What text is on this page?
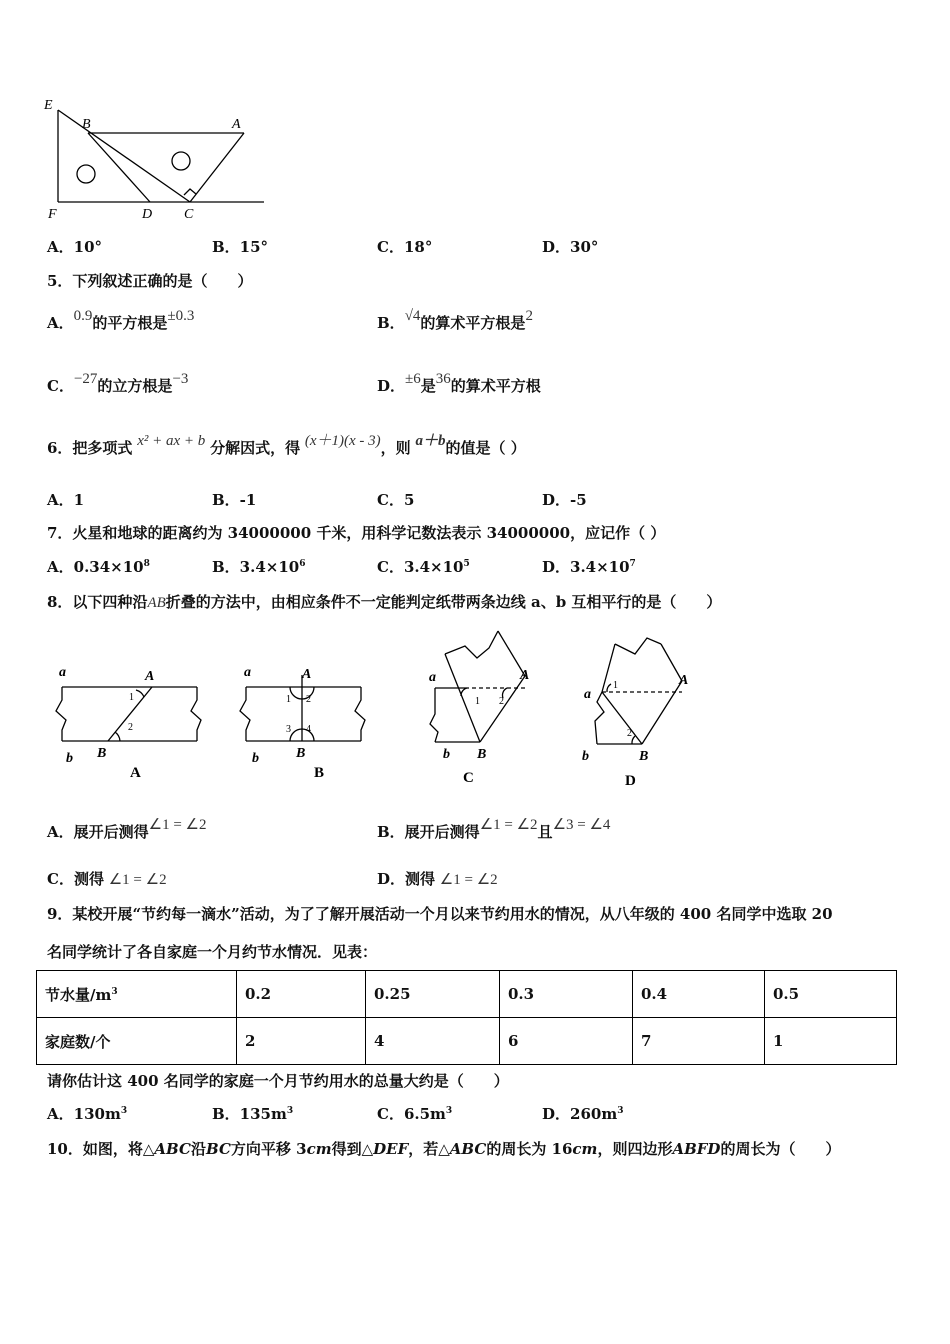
E
B	A
F	D C
A．10°	B．15°	C．18°	D．30°
5．下列叙述正确的是（　　）
A．0.9的平方根是±0.3	B．√4的算术平方根是2
C．−27的立方根是−3	D．±6是36的算术平方根
6．把多项式 x² + ax + b 分解因式，得 (x＋1)(x - 3)，则 a＋b的值是（ ）
A．1	B．-1	C．5	D．-5
7．火星和地球的距离约为 34000000 千米，用科学记数法表示 34000000，应记作（ ）
A．$0.34\times 10^8$	B．$3.4\times 10^6$	C．$3.4\times 10^5$	D．$3.4\times 10^7$
8．以下四种沿AB折叠的方法中，由相应条件不一定能判定纸带两条边线 a、b 互相平行的是（　　）
a	A
1
2
b B
A
a	A
1 2
3 4
b	B
B
a	A
1 2
b B
C
a
A
1
2
b	B
D
A．展开后测得∠1 = ∠2	B．展开后测得∠1 = ∠2且∠3 = ∠4
C．测得 ∠1 = ∠2	D．测得 ∠1 = ∠2
9．某校开展“节约每一滴水”活动，为了了解开展活动一个月以来节约用水的情况，从八年级的 400 名同学中选取 20
名同学统计了各自家庭一个月约节水情况．见表：
节水量$/m^3$	0.2	0.25	0.3	0.4	0.5
家庭数/个	2	4	6	7	1
请你估计这 400 名同学的家庭一个月节约用水的总量大约是（　　）
A．$130m^3$	B．$135m^3$	C．$6.5m^3$	D．$260m^3$
10．如图，将△ABC沿BC方向平移 3cm得到△DEF，若△ABC的周长为 16cm，则四边形ABFD的周长为（　　）
